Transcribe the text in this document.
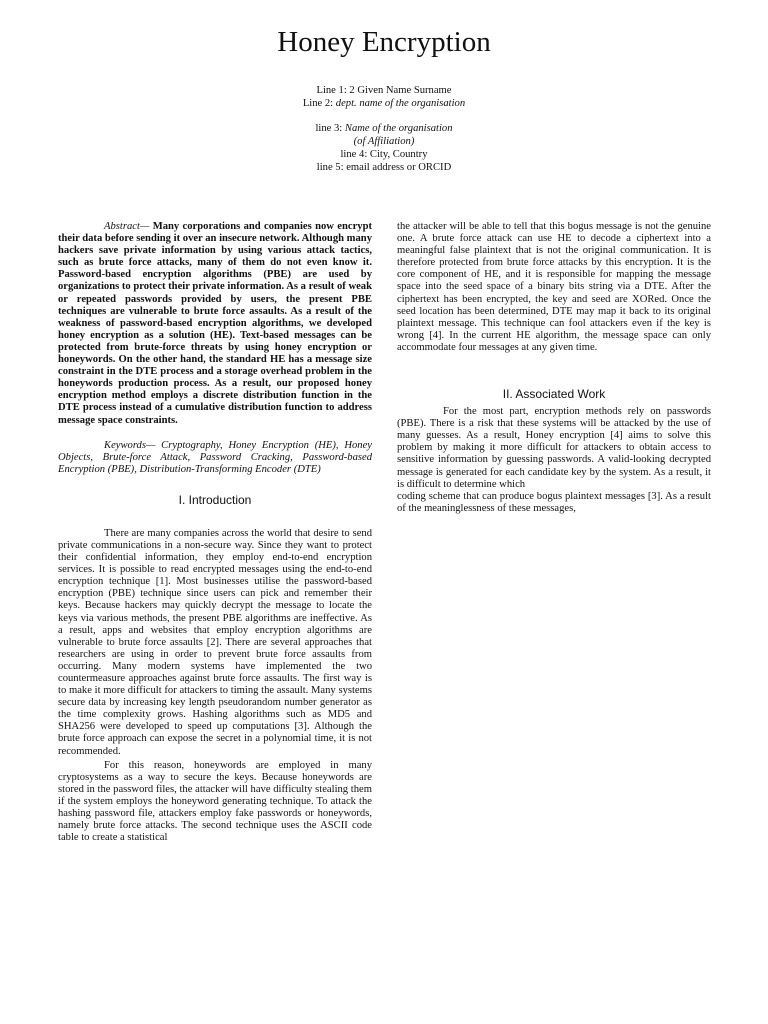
Honey Encryption
Line 1: 2 Given Name Surname
Line 2: dept. name of the organisation
line 3: Name of the organisation
(of Affiliation)
line 4: City, Country
line 5: email address or ORCID

Abstract— Many corporations and companies now encrypt their data before sending it over an insecure network. Although many hackers save private information by using various attack tactics, such as brute force attacks, many of them do not even know it. Password-based encryption algorithms (PBE) are used by organizations to protect their private information. As a result of weak or repeated passwords provided by users, the present PBE techniques are vulnerable to brute force assaults. As a result of the weakness of password-based encryption algorithms, we developed honey encryption as a solution (HE). Text-based messages can be protected from brute-force threats by using honey encryption or honeywords. On the other hand, the standard HE has a message size constraint in the DTE process and a storage overhead problem in the honeywords production process. As a result, our proposed honey encryption method employs a discrete distribution function in the DTE process instead of a cumulative distribution function to address message space constraints.

Keywords— Cryptography, Honey Encryption (HE), Honey Objects, Brute-force Attack, Password Cracking, Password-based Encryption (PBE), Distribution-Transforming Encoder (DTE)

I. Introduction

There are many companies across the world that desire to send private communications in a non-secure way. Since they want to protect their confidential information, they employ end-to-end encryption services. It is possible to read encrypted messages using the end-to-end encryption technique [1]. Most businesses utilise the password-based encryption (PBE) technique since users can pick and remember their keys. Because hackers may quickly decrypt the message to locate the keys via various methods, the present PBE algorithms are ineffective. As a result, apps and websites that employ encryption algorithms are vulnerable to brute force assaults [2]. There are several approaches that researchers are using in order to prevent brute force assaults from occurring. Many modern systems have implemented the two countermeasure approaches against brute force assaults. The first way is to make it more difficult for attackers to timing the assault. Many systems secure data by increasing key length pseudorandom number generator as the time complexity grows. Hashing algorithms such as MD5 and SHA256 were developed to speed up computations [3]. Although the brute force approach can expose the secret in a polynomial time, it is not recommended.

For this reason, honeywords are employed in many cryptosystems as a way to secure the keys. Because honeywords are stored in the password files, the attacker will have difficulty stealing them if the system employs the honeyword generating technique. To attack the hashing password file, attackers employ fake passwords or honeywords, namely brute force attacks. The second technique uses the ASCII code table to create a statistical

the attacker will be able to tell that this bogus message is not the genuine one. A brute force attack can use HE to decode a ciphertext into a meaningful false plaintext that is not the original communication. It is therefore protected from brute force attacks by this encryption. It is the core component of HE, and it is responsible for mapping the message space into the seed space of a binary bits string via a DTE. After the ciphertext has been encrypted, the key and seed are XORed. Once the seed location has been determined, DTE may map it back to its original plaintext message. This technique can fool attackers even if the key is wrong [4]. In the current HE algorithm, the message space can only accommodate four messages at any given time.

II. Associated Work

For the most part, encryption methods rely on passwords (PBE). There is a risk that these systems will be attacked by the use of many guesses. As a result, Honey encryption [4] aims to solve this problem by making it more difficult for attackers to obtain access to sensitive information by guessing passwords. A valid-looking decrypted message is generated for each candidate key by the system. As a result, it is difficult to determine which

coding scheme that can produce bogus plaintext messages [3]. As a result of the meaninglessness of these messages,
